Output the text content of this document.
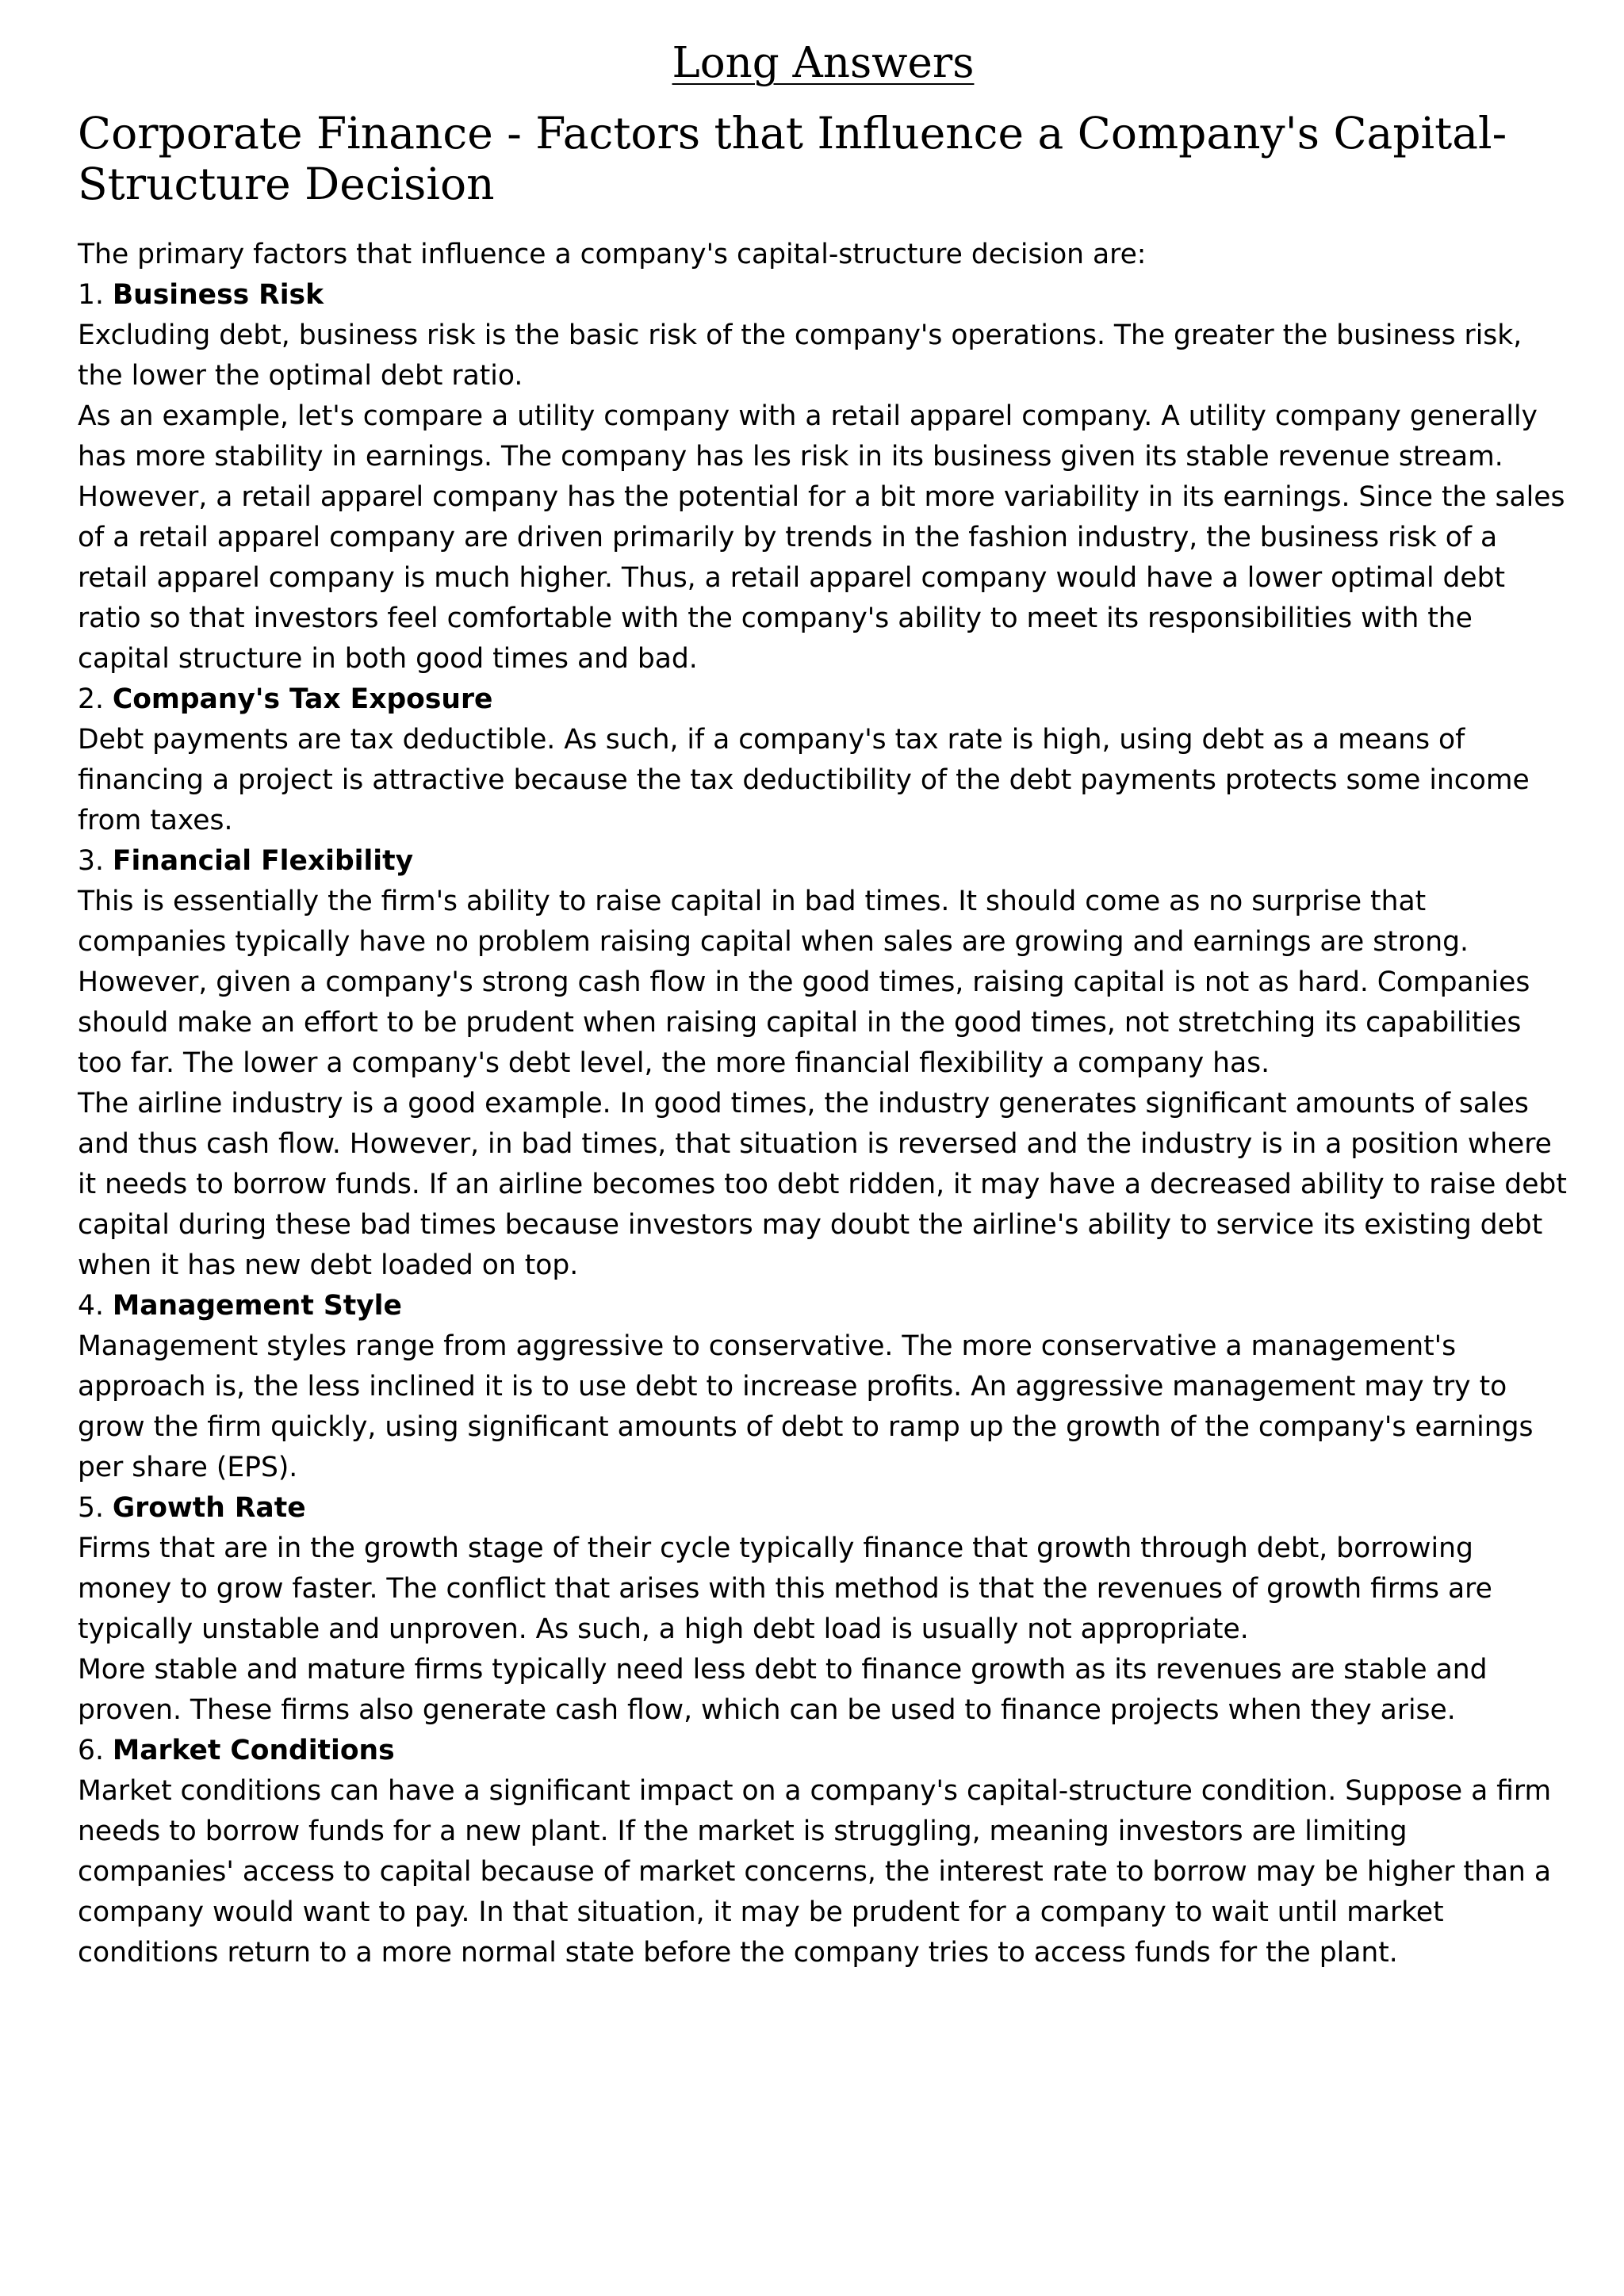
Long Answers
Corporate Finance - Factors that Influence a Company's Capital-Structure Decision

The primary factors that influence a company's capital-structure decision are:

1. Business Risk

Excluding debt, business risk is the basic risk of the company's operations. The greater the business risk, the lower the optimal debt ratio.

As an example, let's compare a utility company with a retail apparel company. A utility company generally has more stability in earnings. The company has les risk in its business given its stable revenue stream. However, a retail apparel company has the potential for a bit more variability in its earnings. Since the sales of a retail apparel company are driven primarily by trends in the fashion industry, the business risk of a retail apparel company is much higher. Thus, a retail apparel company would have a lower optimal debt ratio so that investors feel comfortable with the company's ability to meet its responsibilities with the capital structure in both good times and bad.

2. Company's Tax Exposure

Debt payments are tax deductible. As such, if a company's tax rate is high, using debt as a means of financing a project is attractive because the tax deductibility of the debt payments protects some income from taxes.

3. Financial Flexibility

This is essentially the firm's ability to raise capital in bad times. It should come as no surprise that companies typically have no problem raising capital when sales are growing and earnings are strong. However, given a company's strong cash flow in the good times, raising capital is not as hard. Companies should make an effort to be prudent when raising capital in the good times, not stretching its capabilities too far. The lower a company's debt level, the more financial flexibility a company has.

The airline industry is a good example. In good times, the industry generates significant amounts of sales and thus cash flow. However, in bad times, that situation is reversed and the industry is in a position where it needs to borrow funds. If an airline becomes too debt ridden, it may have a decreased ability to raise debt capital during these bad times because investors may doubt the airline's ability to service its existing debt when it has new debt loaded on top.

4. Management Style

Management styles range from aggressive to conservative. The more conservative a management's approach is, the less inclined it is to use debt to increase profits. An aggressive management may try to grow the firm quickly, using significant amounts of debt to ramp up the growth of the company's earnings per share (EPS).

5. Growth Rate

Firms that are in the growth stage of their cycle typically finance that growth through debt, borrowing money to grow faster. The conflict that arises with this method is that the revenues of growth firms are typically unstable and unproven. As such, a high debt load is usually not appropriate.

More stable and mature firms typically need less debt to finance growth as its revenues are stable and proven. These firms also generate cash flow, which can be used to finance projects when they arise.

6. Market Conditions

Market conditions can have a significant impact on a company's capital-structure condition. Suppose a firm needs to borrow funds for a new plant. If the market is struggling, meaning investors are limiting companies' access to capital because of market concerns, the interest rate to borrow may be higher than a company would want to pay. In that situation, it may be prudent for a company to wait until market conditions return to a more normal state before the company tries to access funds for the plant.
